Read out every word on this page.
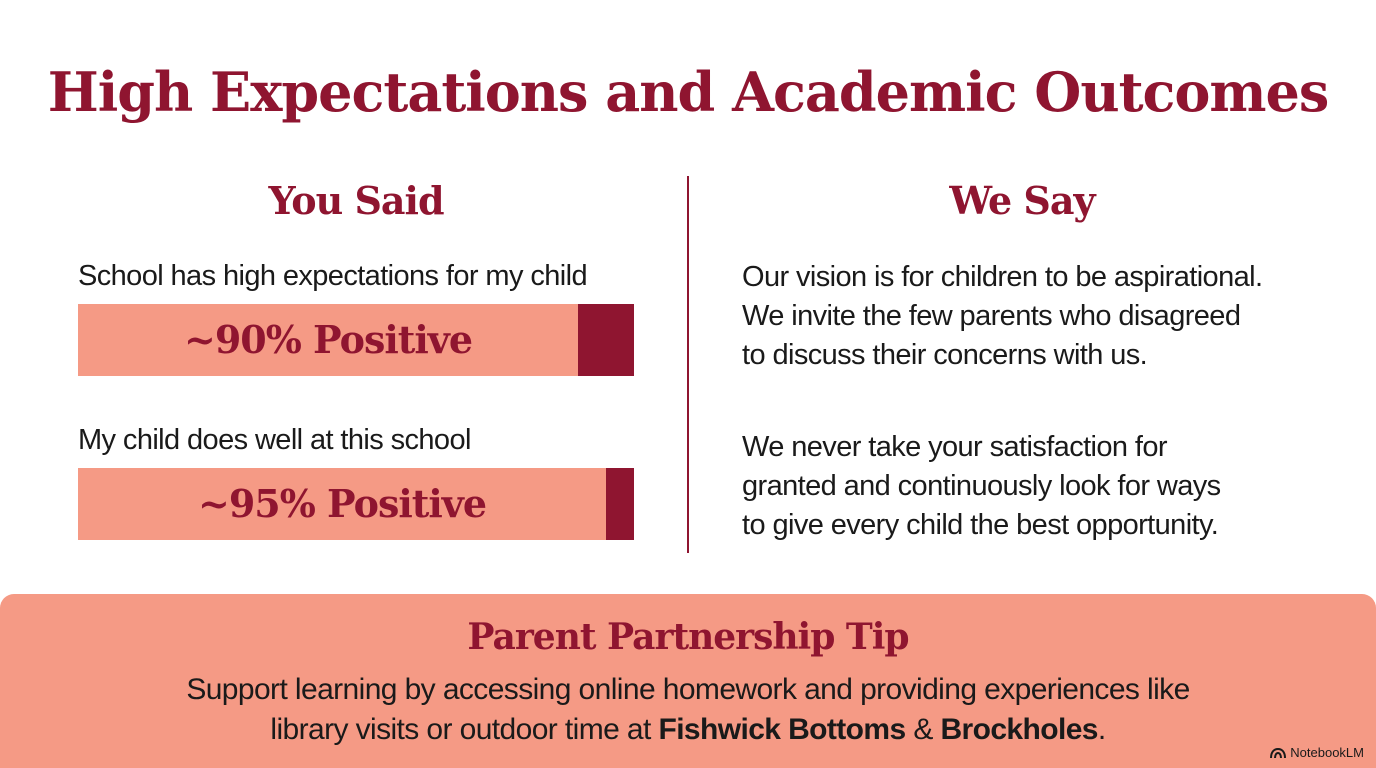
High Expectations and Academic Outcomes
You Said
School has high expectations for my child
~90% Positive
My child does well at this school
~95% Positive
We Say

Our vision is for children to be aspirational.
We invite the few parents who disagreed
to discuss their concerns with us.

We never take your satisfaction for
granted and continuously look for ways
to give every child the best opportunity.

Parent Partnership Tip

Support learning by accessing online homework and providing experiences like
library visits or outdoor time at Fishwick Bottoms & Brockholes.

NotebookLM
